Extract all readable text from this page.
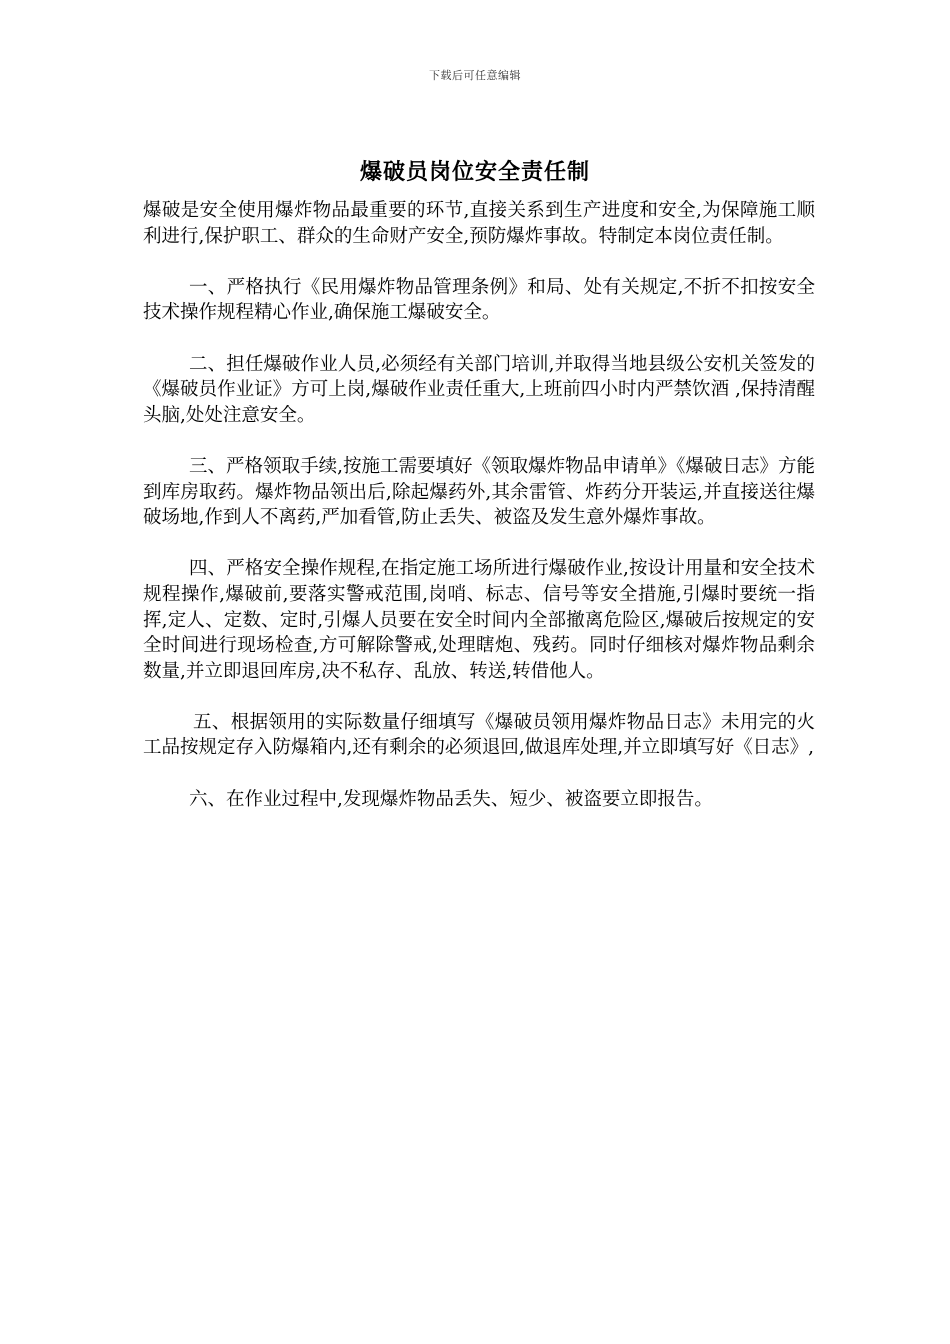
下载后可任意编辑
爆破员岗位安全责任制

爆破是安全使用爆炸物品最重要的环节,直接关系到生产进度和安全,为保障施工顺利进行,保护职工、群众的生命财产安全,预防爆炸事故。特制定本岗位责任制。

一、严格执行《民用爆炸物品管理条例》和局、处有关规定,不折不扣按安全技术操作规程精心作业,确保施工爆破安全。

二、担任爆破作业人员,必须经有关部门培训,并取得当地县级公安机关签发的《爆破员作业证》方可上岗,爆破作业责任重大,上班前四小时内严禁饮酒 ,保持清醒头脑,处处注意安全。

三、严格领取手续,按施工需要填好《领取爆炸物品申请单》《爆破日志》方能到库房取药。爆炸物品领出后,除起爆药外,其余雷管、炸药分开装运,并直接送往爆破场地,作到人不离药,严加看管,防止丢失、被盗及发生意外爆炸事故。

四、严格安全操作规程,在指定施工场所进行爆破作业,按设计用量和安全技术规程操作,爆破前,要落实警戒范围,岗哨、标志、信号等安全措施,引爆时要统一指挥,定人、定数、定时,引爆人员要在安全时间内全部撤离危险区,爆破后按规定的安全时间进行现场检查,方可解除警戒,处理瞎炮、残药。同时仔细核对爆炸物品剩余数量,并立即退回库房,决不私存、乱放、转送,转借他人。

五、根据领用的实际数量仔细填写《爆破员领用爆炸物品日志》未用完的火工品按规定存入防爆箱内,还有剩余的必须退回,做退库处理,并立即填写好《日志》,

六、在作业过程中,发现爆炸物品丢失、短少、被盗要立即报告。
